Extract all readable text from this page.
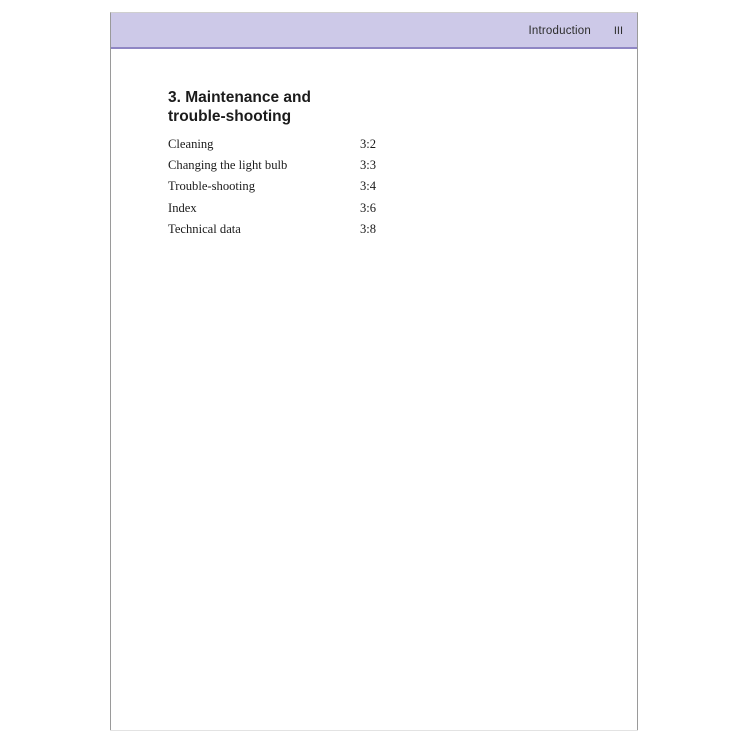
Introduction	III
3. Maintenance and trouble-shooting
Cleaning	3:2
Changing the light bulb	3:3
Trouble-shooting	3:4
Index	3:6
Technical data	3:8
